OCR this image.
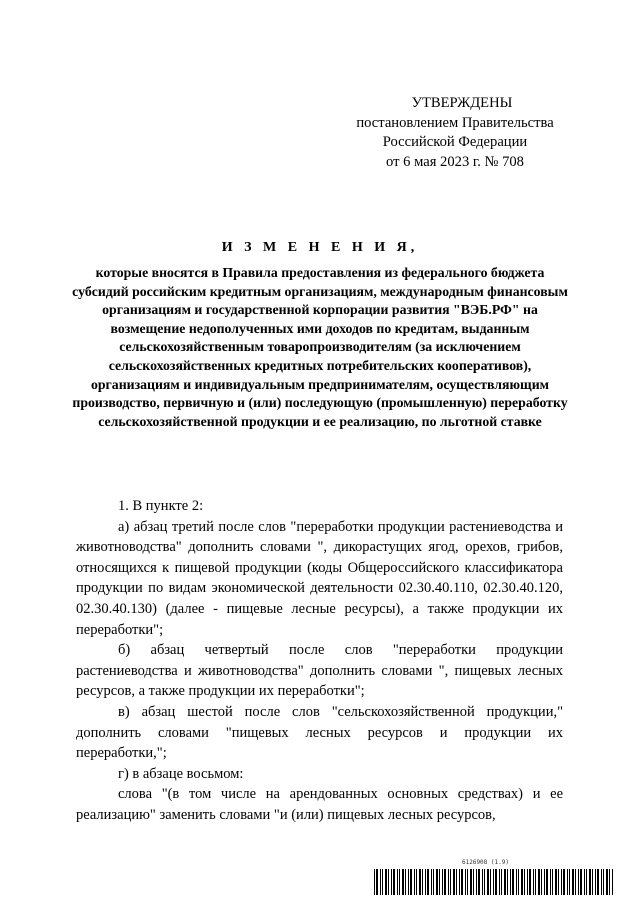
УТВЕРЖДЕНЫ
постановлением Правительства
Российской Федерации
от 6 мая 2023 г. № 708
И З М Е Н Е Н И Я,
которые вносятся в Правила предоставления из федерального бюджета субсидий российским кредитным организациям, международным финансовым организациям и государственной корпорации развития "ВЭБ.РФ" на возмещение недополученных ими доходов по кредитам, выданным сельскохозяйственным товаропроизводителям (за исключением сельскохозяйственных кредитных потребительских кооперативов), организациям и индивидуальным предпринимателям, осуществляющим производство, первичную и (или) последующую (промышленную) переработку сельскохозяйственной продукции и ее реализацию, по льготной ставке

1. В пункте 2:

а) абзац третий после слов "переработки продукции растениеводства и животноводства" дополнить словами ", дикорастущих ягод, орехов, грибов, относящихся к пищевой продукции (коды Общероссийского классификатора продукции по видам экономической деятельности 02.30.40.110, 02.30.40.120, 02.30.40.130) (далее - пищевые лесные ресурсы), а также продукции их переработки";

б) абзац четвертый после слов "переработки продукции растениеводства и животноводства" дополнить словами ", пищевых лесных ресурсов, а также продукции их переработки";

в) абзац шестой после слов "сельскохозяйственной продукции," дополнить словами "пищевых лесных ресурсов и продукции их переработки,";

г) в абзаце восьмом:

слова "(в том числе на арендованных основных средствах) и ее реализацию" заменить словами "и (или) пищевых лесных ресурсов,

6126908 (1.9)
